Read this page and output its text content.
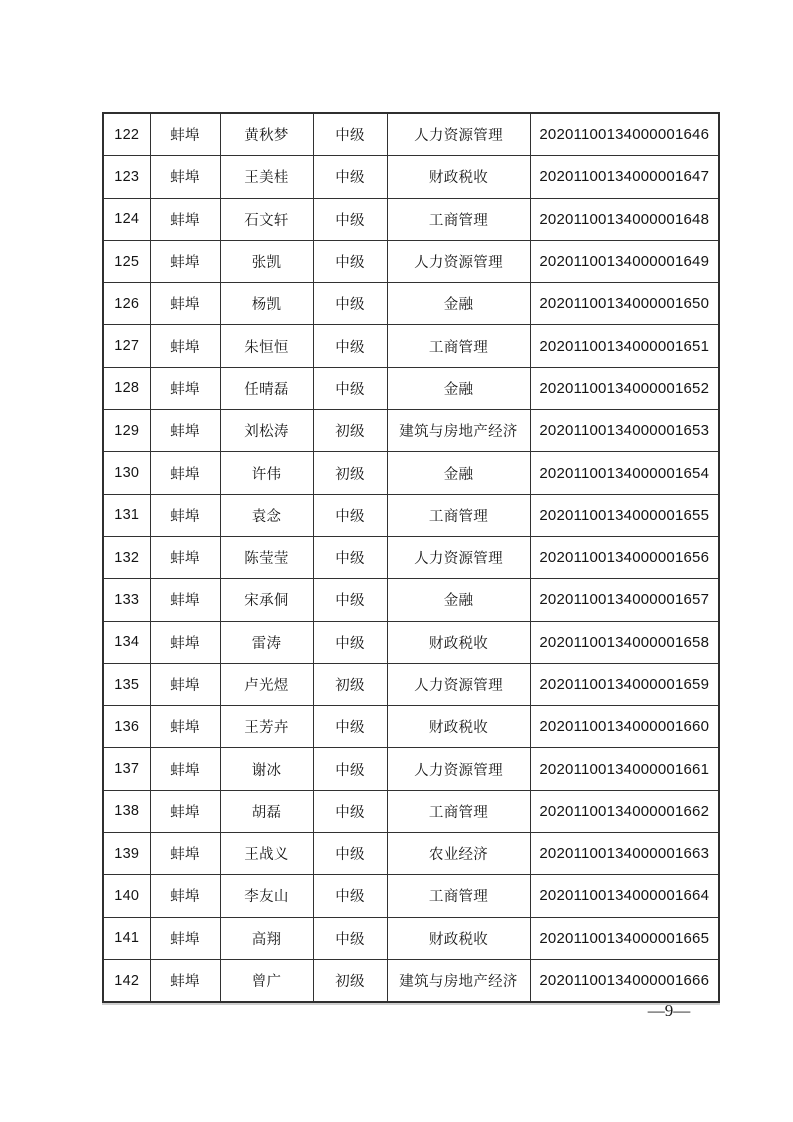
122	蚌埠	黄秋梦	中级	人力资源管理	20201100134000001646
123	蚌埠	王美桂	中级	财政税收	20201100134000001647
124	蚌埠	石文轩	中级	工商管理	20201100134000001648
125	蚌埠	张凯	中级	人力资源管理	20201100134000001649
126	蚌埠	杨凯	中级	金融	20201100134000001650
127	蚌埠	朱恒恒	中级	工商管理	20201100134000001651
128	蚌埠	任晴磊	中级	金融	20201100134000001652
129	蚌埠	刘松涛	初级	建筑与房地产经济	20201100134000001653
130	蚌埠	许伟	初级	金融	20201100134000001654
131	蚌埠	袁念	中级	工商管理	20201100134000001655
132	蚌埠	陈莹莹	中级	人力资源管理	20201100134000001656
133	蚌埠	宋承侗	中级	金融	20201100134000001657
134	蚌埠	雷涛	中级	财政税收	20201100134000001658
135	蚌埠	卢光煜	初级	人力资源管理	20201100134000001659
136	蚌埠	王芳卉	中级	财政税收	20201100134000001660
137	蚌埠	谢冰	中级	人力资源管理	20201100134000001661
138	蚌埠	胡磊	中级	工商管理	20201100134000001662
139	蚌埠	王战义	中级	农业经济	20201100134000001663
140	蚌埠	李友山	中级	工商管理	20201100134000001664
141	蚌埠	高翔	中级	财政税收	20201100134000001665
142	蚌埠	曾广	初级	建筑与房地产经济	20201100134000001666
—9—
